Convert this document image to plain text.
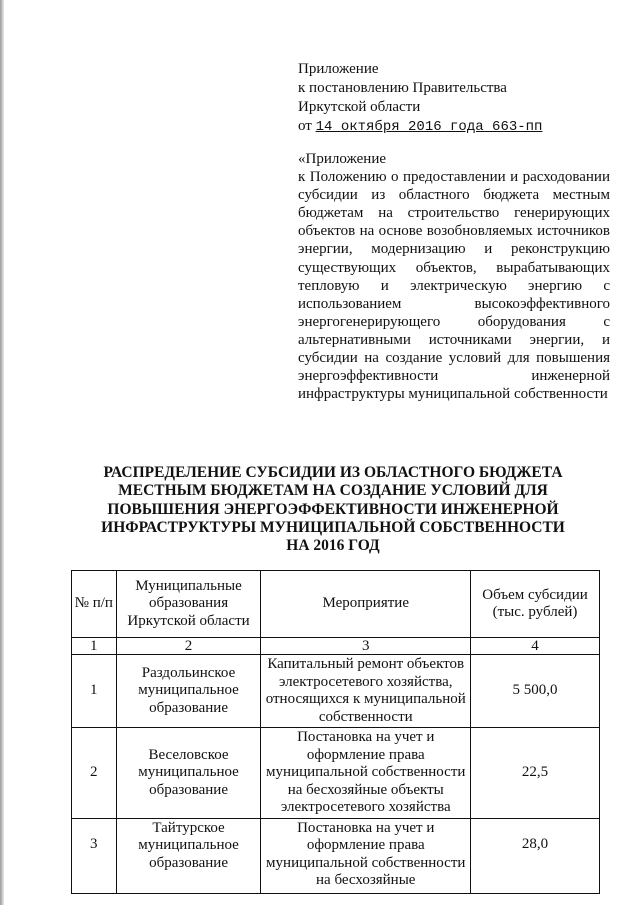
Приложение
к постановлению Правительства
Иркутской области
от 14 октября 2016 года 663-пп

«Приложение

к Положению о предоставлении и расходовании субсидии из областного бюджета местным бюджетам на строительство генерирующих объектов на основе возобновляемых источников энергии, модернизацию и реконструкцию существующих объектов, вырабатывающих тепловую и электрическую энергию с использованием высокоэффективного энергогенерирующего оборудования с альтернативными источниками энергии, и субсидии на создание условий для повышения энергоэффективности инженерной инфраструктуры муниципальной собственности

РАСПРЕДЕЛЕНИЕ СУБСИДИИ ИЗ ОБЛАСТНОГО БЮДЖЕТА
МЕСТНЫМ БЮДЖЕТАМ НА СОЗДАНИЕ УСЛОВИЙ ДЛЯ
ПОВЫШЕНИЯ ЭНЕРГОЭФФЕКТИВНОСТИ ИНЖЕНЕРНОЙ
ИНФРАСТРУКТУРЫ МУНИЦИПАЛЬНОЙ СОБСТВЕННОСТИ
НА 2016 ГОД
№ п/п	Муниципальные образования Иркутской области	Мероприятие	Объем субсидии (тыс. рублей)
1	2	3	4
1	Раздольинское муниципальное образование	Капитальный ремонт объектов электросетевого хозяйства, относящихся к муниципальной собственности	5 500,0
2	Веселовское муниципальное образование	Постановка на учет и оформление права муниципальной собственности на бесхозяйные объекты электросетевого хозяйства	22,5

3	Тайтурское муниципальное образование	Постановка на учет и оформление права муниципальной собственности на бесхозяйные	28,0
